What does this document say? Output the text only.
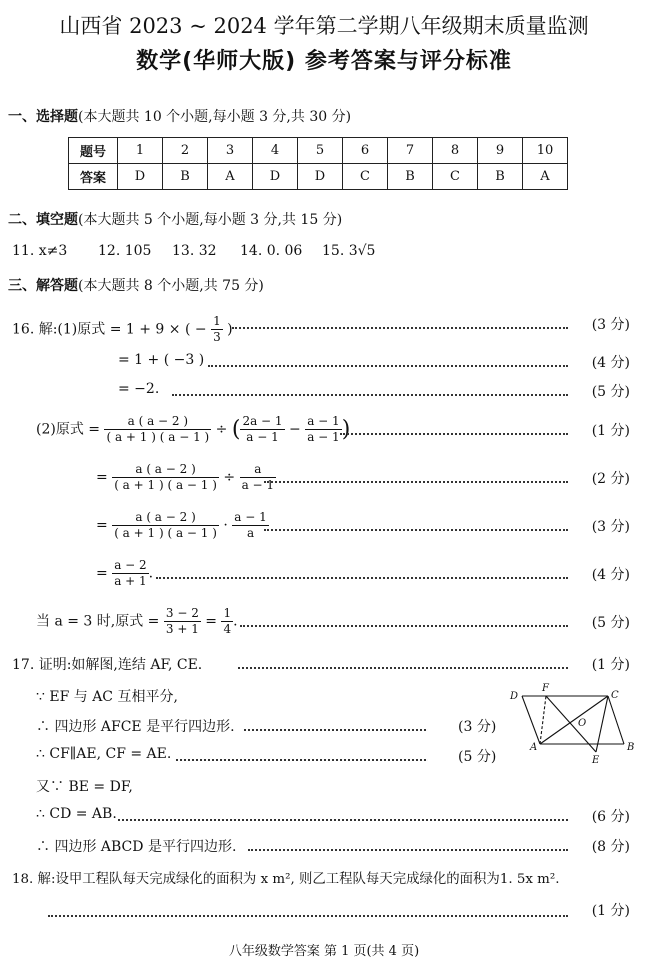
山西省 2023 ~ 2024 学年第二学期八年级期末质量监测
数学(华师大版) 参考答案与评分标准
一、选择题(本大题共 10 个小题,每小题 3 分,共 30 分)
题号	1	2	3	4	5	6	7	8	9	10
答案	D	B	A	D	D	C	B	C	B	A
二、填空题(本大题共 5 个小题,每小题 3 分,共 15 分)
11. x≠3 12. 105 13. 32 14. 0. 06 15. 3√5
三、解答题(本大题共 8 个小题,共 75 分)
16. 解:(1)原式 = 1 + 9 × ( − $\frac{1}{3}$ )	(3 分)
= 1 + ( −3 )	(4 分)
= −2.	(5 分)
(2)原式 = $\frac{a ( a - 2 )}{( a + 1 ) ( a - 1 )}$ ÷ ( $\frac{2a - 1}{a - 1} - \frac{a - 1}{a - 1}$ )	(1 分)
= $\frac{a ( a - 2 )}{( a + 1 ) ( a - 1 )} \div \frac{a}{a - 1}$	(2 分)
= $\frac{a ( a - 2 )}{( a + 1 ) ( a - 1 )} \cdot \frac{a - 1}{a}$	(3 分)
= $\frac{a - 2}{a + 1}$ .	(4 分)
当 a = 3 时,原式 = $\frac{3 - 2}{3 + 1} = \frac{1}{4}$ .	(5 分)
17. 证明:如解图,连结 AF, CE.	(1 分)
∵ EF 与 AC 互相平分,
∴ 四边形 AFCE 是平行四边形.	(3 分)
∴ CF∥AE, CF = AE.	(5 分)
又∵ BE = DF,
∴ CD = AB.	(6 分)
∴ 四边形 ABCD 是平行四边形.	(8 分)
D
F
C
O
A
E
B
18. 解:设甲工程队每天完成绿化的面积为 x m², 则乙工程队每天完成绿化的面积为1. 5x m².
(1 分)
八年级数学答案 第 1 页(共 4 页)
